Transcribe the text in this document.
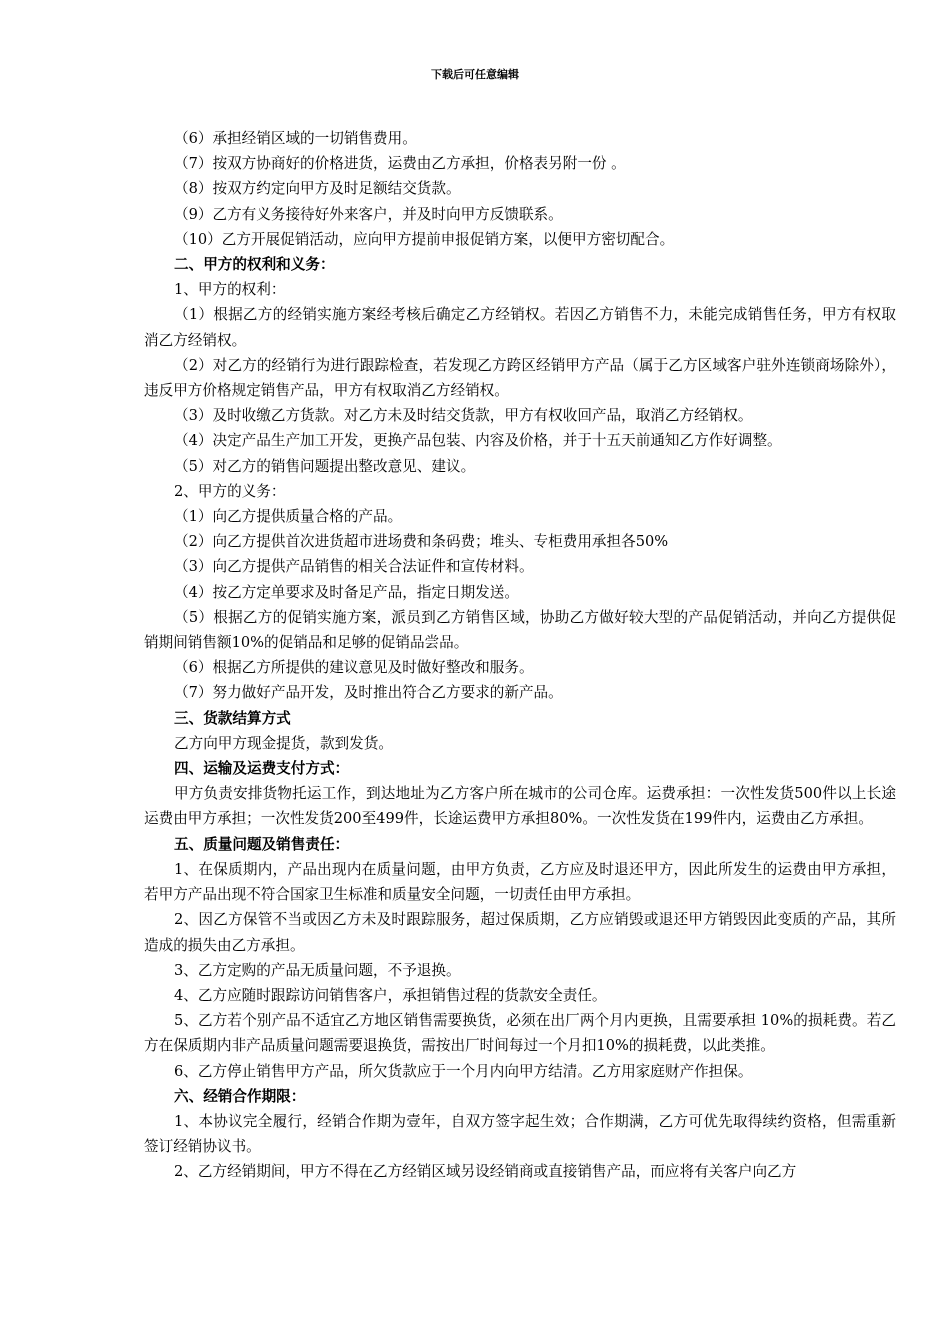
下载后可任意编辑

（6）承担经销区域的一切销售费用。

（7）按双方协商好的价格进货，运费由乙方承担，价格表另附一份 。

（8）按双方约定向甲方及时足额结交货款。

（9）乙方有义务接待好外来客户，并及时向甲方反馈联系。

（10）乙方开展促销活动，应向甲方提前申报促销方案，以便甲方密切配合。

二、甲方的权利和义务：

1、甲方的权利：

（1）根据乙方的经销实施方案经考核后确定乙方经销权。若因乙方销售不力，未能完成销售任务，甲方有权取消乙方经销权。

（2）对乙方的经销行为进行跟踪检查，若发现乙方跨区经销甲方产品（属于乙方区域客户驻外连锁商场除外），违反甲方价格规定销售产品，甲方有权取消乙方经销权。

（3）及时收缴乙方货款。对乙方未及时结交货款，甲方有权收回产品，取消乙方经销权。

（4）决定产品生产加工开发，更换产品包装、内容及价格，并于十五天前通知乙方作好调整。

（5）对乙方的销售问题提出整改意见、建议。

2、甲方的义务：

（1）向乙方提供质量合格的产品。

（2）向乙方提供首次进货超市进场费和条码费；堆头、专柜费用承担各50%

（3）向乙方提供产品销售的相关合法证件和宣传材料。

（4）按乙方定单要求及时备足产品，指定日期发送。

（5）根据乙方的促销实施方案，派员到乙方销售区域，协助乙方做好较大型的产品促销活动，并向乙方提供促销期间销售额10%的促销品和足够的促销品尝品。

（6）根据乙方所提供的建议意见及时做好整改和服务。

（7）努力做好产品开发，及时推出符合乙方要求的新产品。

三、货款结算方式

乙方向甲方现金提货，款到发货。

四、运输及运费支付方式：

甲方负责安排货物托运工作，到达地址为乙方客户所在城市的公司仓库。运费承担：一次性发货500件以上长途运费由甲方承担；一次性发货200至499件，长途运费甲方承担80%。一次性发货在199件内，运费由乙方承担。

五、质量问题及销售责任：

1、在保质期内，产品出现内在质量问题，由甲方负责，乙方应及时退还甲方，因此所发生的运费由甲方承担，若甲方产品出现不符合国家卫生标准和质量安全问题，一切责任由甲方承担。

2、因乙方保管不当或因乙方未及时跟踪服务，超过保质期，乙方应销毁或退还甲方销毁因此变质的产品，其所造成的损失由乙方承担。

3、乙方定购的产品无质量问题，不予退换。

4、乙方应随时跟踪访问销售客户，承担销售过程的货款安全责任。

5、乙方若个别产品不适宜乙方地区销售需要换货，必须在出厂两个月内更换，且需要承担 10%的损耗费。若乙方在保质期内非产品质量问题需要退换货，需按出厂时间每过一个月扣10%的损耗费，以此类推。

6、乙方停止销售甲方产品，所欠货款应于一个月内向甲方结清。乙方用家庭财产作担保。

六、经销合作期限：

1、本协议完全履行，经销合作期为壹年，自双方签字起生效；合作期满，乙方可优先取得续约资格，但需重新签订经销协议书。

2、乙方经销期间，甲方不得在乙方经销区域另设经销商或直接销售产品，而应将有关客户向乙方
